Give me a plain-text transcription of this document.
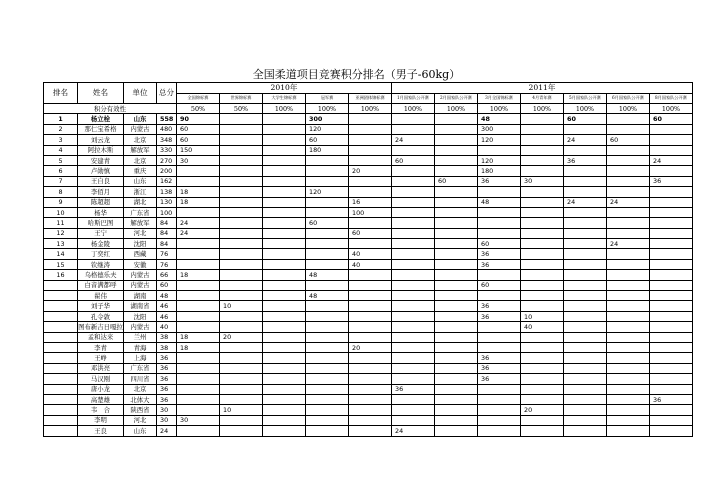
全国柔道项目竞赛积分排名（男子-60kg）
排名	姓名	单位	总分	2010年					2011年						
				全国锦标赛	世界锦标赛	大学生锦标赛	冠军赛	亚洲团体锦标赛	1月国家队公开赛	2月国家队公开赛	3月全国锦标赛	4月青年赛	5月国家队公开赛	6月国家队公开赛	8月国家队公开赛
积分有效性				50%	50%	100%	100%	100%	100%	100%	100%	100%	100%	100%	100%
1	杨立栓	山东	558	90			300				48		60		60
2	那仁宝希格	内蒙古	480	60			120				300				
3	刘云龙	北京	348	60			60		24		120		24	60	
4	阿拉木斯	解放军	330	150			180								
5	安建青	北京	270	30					60		120		36		24
6	卢勋慎	重庆	200					20			180				
7	王自良	山东	162							60	36	30			36
8	李佰月	浙江	138	18			120								
9	陈超超	湖北	130	18				16			48		24	24	
10	杨华	广东省	100					100							
11	哈斯巴图	解放军	84	24			60								
12	王宁	河北	84	24				60							
13	杨金陵	沈阳	84								60			24	
14	丁奕红	西藏	76					40			36				
15	钦继涛	安徽	76					40			36				
16	乌格德乐夫	内蒙古	66	18			48								
	白音满都呼	内蒙古	60								60				
	翟伟	湖南	48				48								
	刘子华	湖南省	46		10						36				
	孔令敦	沈阳	46								36	10			
	图布新吉日嘎拉	内蒙古	40									40			
	孟和达来	兰州	38	18	20										
	李青	青海	38	18				20							
	王峥	上海	36								36				
	邓洪亮	广东省	36								36				
	马汉刚	四川省	36								36				
	唐小龙	北京	36						36						
	高楚雄	北体大	36												36
	韦　合	陕西省	30		10							20			
	李明	河北	30	30											
	王良	山东	24						24						
